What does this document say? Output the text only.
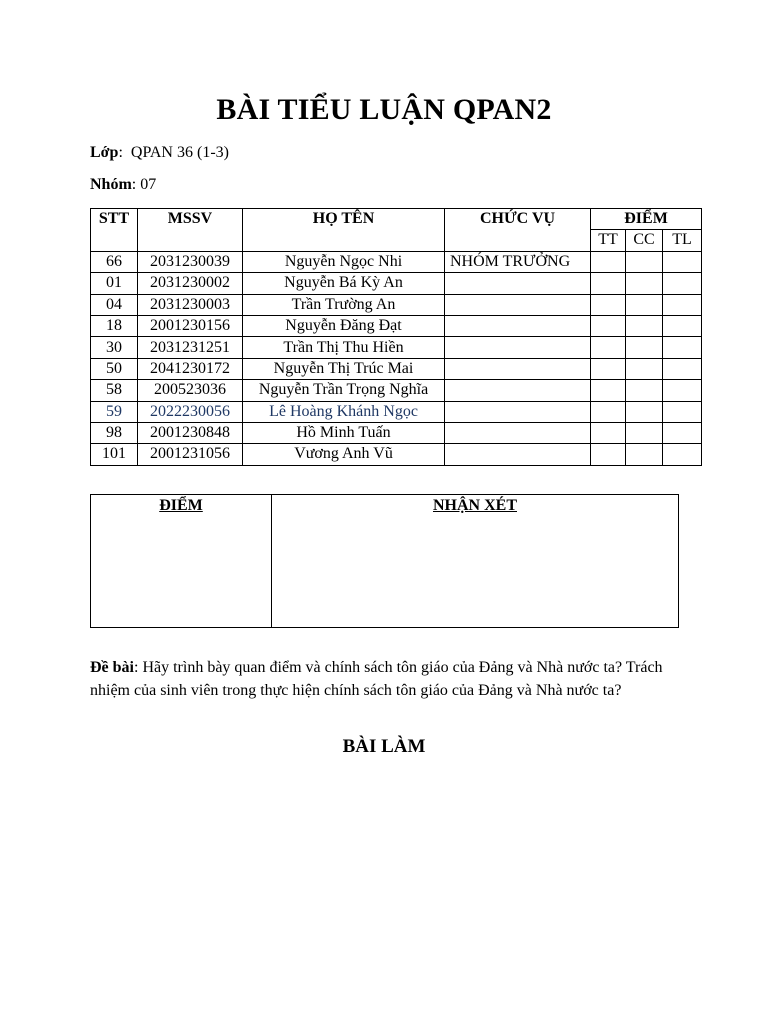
BÀI TIỂU LUẬN QPAN2
Lớp:  QPAN 36 (1-3)
Nhóm: 07
STT	MSSV	HỌ TÊN	CHỨC VỤ	ĐIỂM		
				TT	CC	TL
66	2031230039	Nguyễn Ngọc Nhi	NHÓM TRƯỞNG			
01	2031230002	Nguyễn Bá Kỳ An				
04	2031230003	Trần Trường An				
18	2001230156	Nguyễn Đăng Đạt				
30	2031231251	Trần Thị Thu Hiền				
50	2041230172	Nguyễn Thị Trúc Mai				
58	200523036	Nguyễn Trần Trọng Nghĩa				
59	2022230056	Lê Hoàng Khánh Ngọc				
98	2001230848	Hồ Minh Tuấn				
101	2001231056	Vương Anh Vũ				
ĐIỂM	NHẬN XÉT
Đề bài: Hãy trình bày quan điểm và chính sách tôn giáo của Đảng và Nhà nước ta? Trách nhiệm của sinh viên trong thực hiện chính sách tôn giáo của Đảng và Nhà nước ta?
BÀI LÀM
